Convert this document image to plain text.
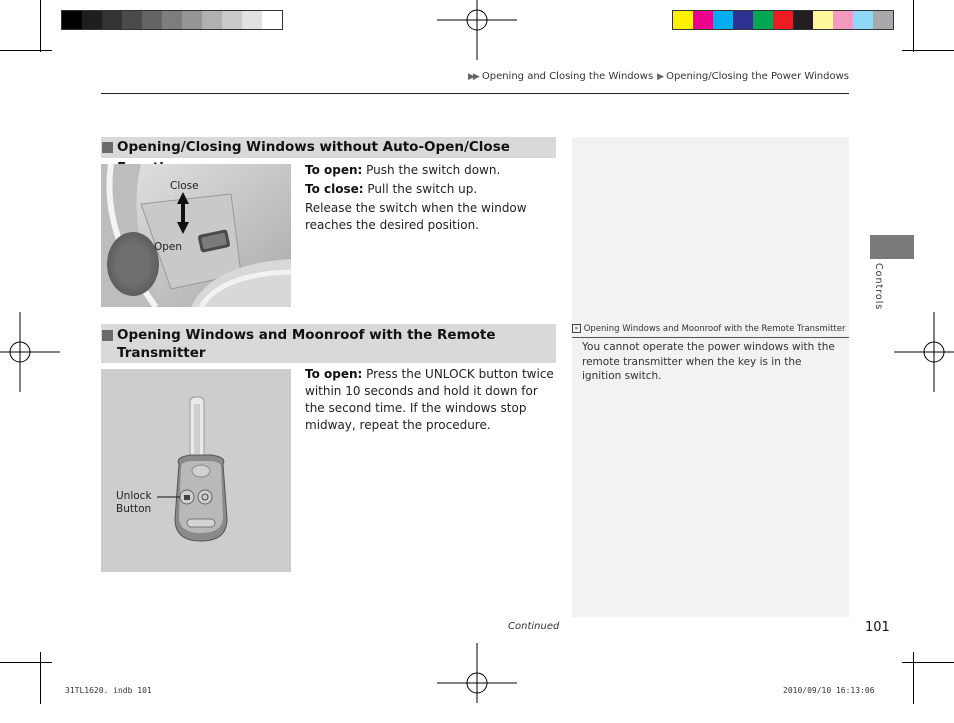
▶▶ Opening and Closing the Windows ▶ Opening/Closing the Power Windows
Opening/Closing Windows without Auto-Open/Close
Close
Open
To open: Push the switch down.
To close: Pull the switch up.
Release the switch when the window reaches the desired position.
Opening Windows and Moonroof with the Remote
Transmitter
Unlock
Button
To open: Press the UNLOCK button twice within 10 seconds and hold it down for the second time. If the windows stop midway, repeat the procedure.
» Opening Windows and Moonroof with the Remote Transmitter
You cannot operate the power windows with the remote transmitter when the key is in the ignition switch.
Controls
Continued	101
31TL1620. indb 101	2010/09/10 16:13:06
